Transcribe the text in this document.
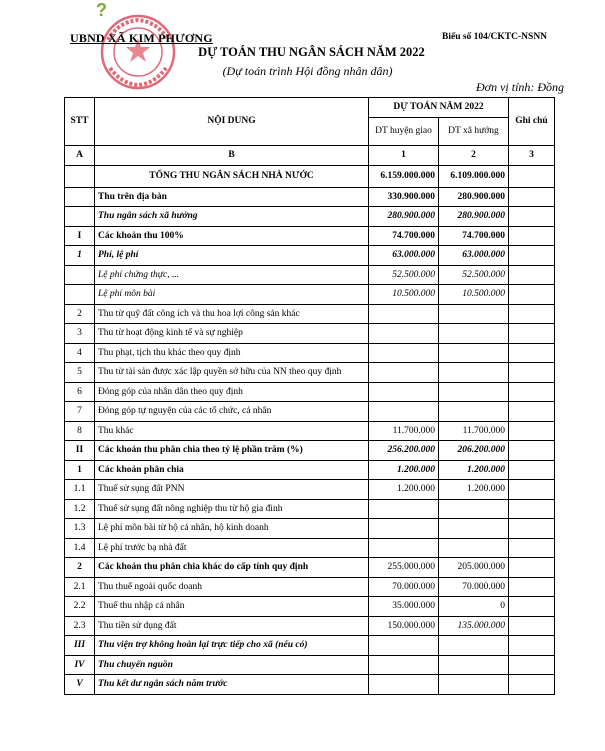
?
UBND XÃ KIM PHƯƠNG	Biểu số 104/CKTC-NSNN
DỰ TOÁN THU NGÂN SÁCH NĂM 2022
(Dự toán trình Hội đồng nhân dân)
Đơn vị tính: Đồng
STT	NỘI DUNG	DỰ TOÁN NĂM 2022		Ghi chú
		DT huyện giao	DT xã hướng	
A	B	1	2	3
	TỔNG THU NGÂN SÁCH NHÀ NƯỚC	6.159.000.000	6.109.000.000	
	Thu trên địa bàn	330.900.000	280.900.000	
	Thu ngân sách xã hưởng	280.900.000	280.900.000	
I	Các khoản thu 100%	74.700.000	74.700.000	
1	Phí, lệ phí	63.000.000	63.000.000	
	Lệ phí chứng thực, ...	52.500.000	52.500.000	
	Lệ phí môn bài	10.500.000	10.500.000	
2	Thu từ quỹ đất công ích và thu hoa lợi công sản khác			
3	Thu từ hoạt động kinh tế và sự nghiệp			
4	Thu phạt, tịch thu khác theo quy định			
5	Thu từ tài sản được xác lập quyền sở hữu của NN theo quy định			
6	Đóng góp của nhân dân theo quy định			
7	Đóng góp tự nguyện của các tổ chức, cá nhân			
8	Thu khác	11.700.000	11.700.000	
II	Các khoản thu phân chia theo tỷ lệ phần trăm (%)	256.200.000	206.200.000	
1	Các khoản phân chia	1.200.000	1.200.000	
1.1	Thuế sử sụng đất PNN	1.200.000	1.200.000	
1.2	Thuế sử sụng đất nông nghiệp thu từ hộ gia đình			
1.3	Lệ phí môn bài từ hộ cá nhân, hộ kinh doanh			
1.4	Lệ phí trước bạ nhà đất			
2	Các khoản thu phân chia khác do cấp tỉnh quy định	255.000.000	205.000.000	
2.1	Thu thuế ngoài quốc doanh	70.000.000	70.000.000	
2.2	Thuế thu nhập cá nhân	35.000.000	0	
2.3	Thu tiền sử dụng đất	150.000.000	135.000.000	
III	Thu viện trợ không hoàn lại trực tiếp cho xã (nếu có)			
IV	Thu chuyển nguồn			
V	Thu kết dư ngân sách năm trước			
